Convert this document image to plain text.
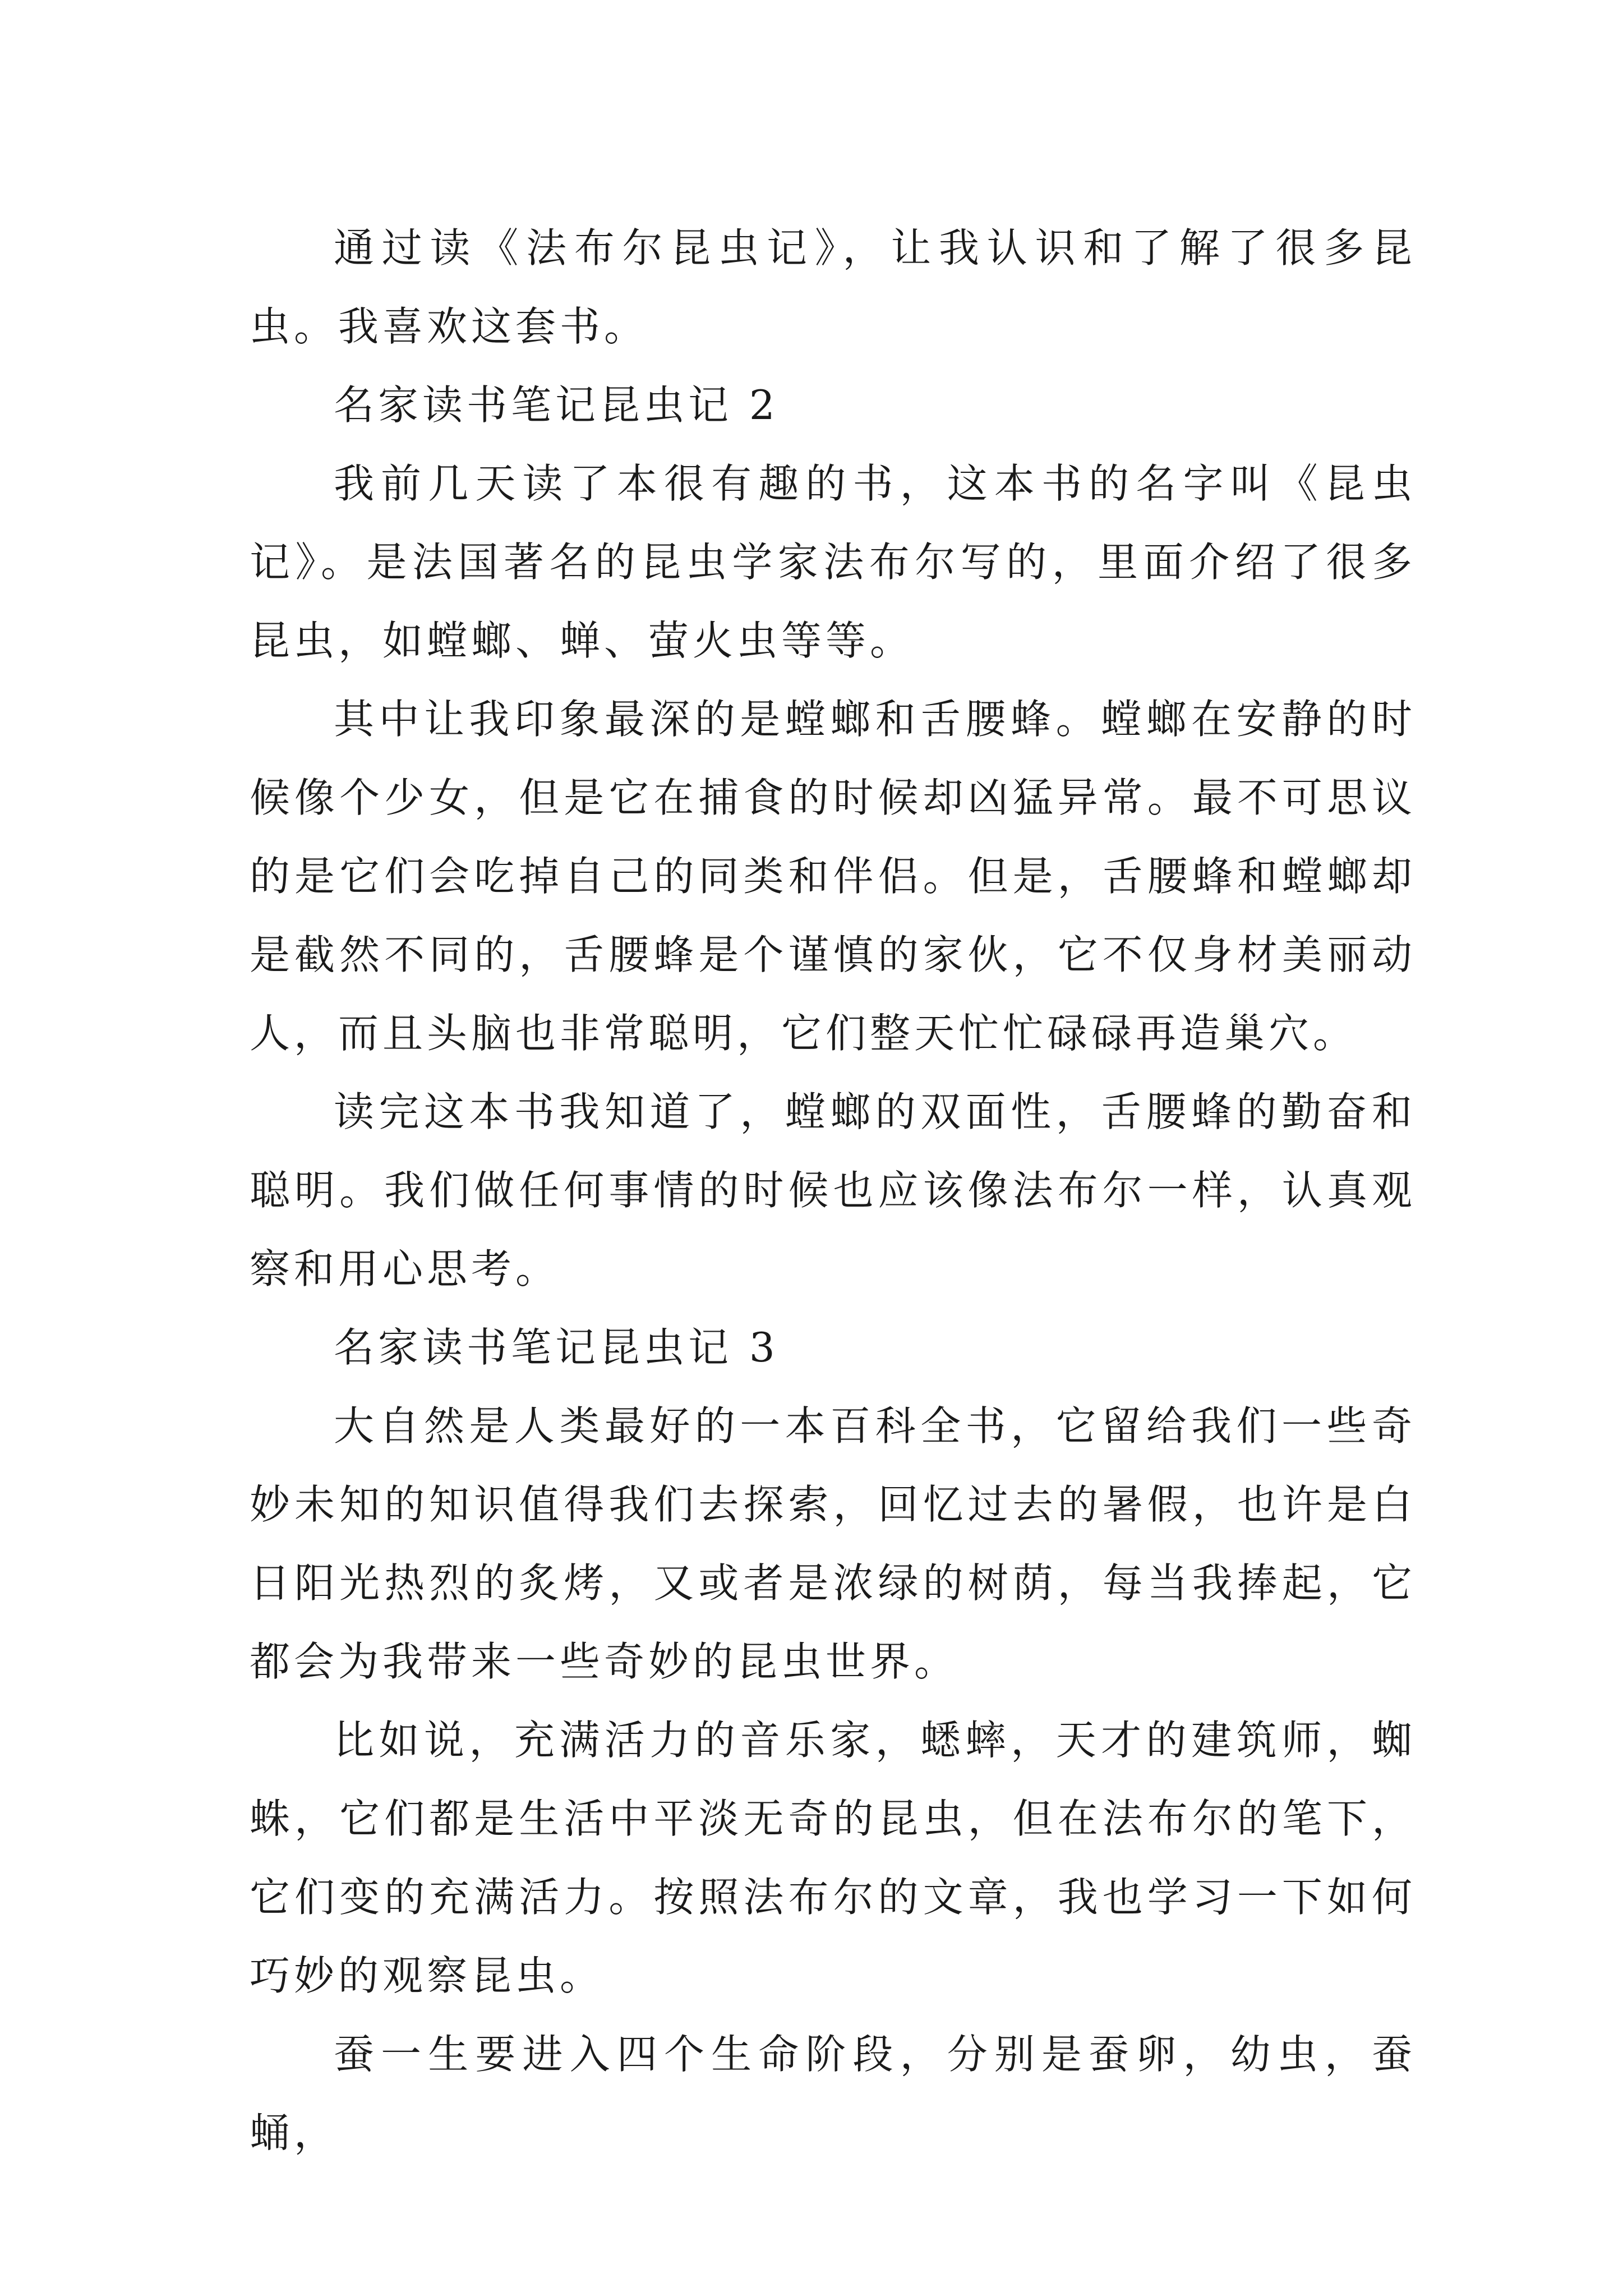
通过读《法布尔昆虫记》，让我认识和了解了很多昆虫。我喜欢这套书。

名家读书笔记昆虫记 2

我前几天读了本很有趣的书，这本书的名字叫《昆虫记》。是法国著名的昆虫学家法布尔写的，里面介绍了很多昆虫，如螳螂、蝉、萤火虫等等。

其中让我印象最深的是螳螂和舌腰蜂。螳螂在安静的时候像个少女，但是它在捕食的时候却凶猛异常。最不可思议的是它们会吃掉自己的同类和伴侣。但是，舌腰蜂和螳螂却是截然不同的，舌腰蜂是个谨慎的家伙，它不仅身材美丽动人，而且头脑也非常聪明，它们整天忙忙碌碌再造巢穴。

读完这本书我知道了，螳螂的双面性，舌腰蜂的勤奋和聪明。我们做任何事情的时候也应该像法布尔一样，认真观察和用心思考。

名家读书笔记昆虫记 3

大自然是人类最好的一本百科全书，它留给我们一些奇妙未知的知识值得我们去探索，回忆过去的暑假，也许是白日阳光热烈的炙烤，又或者是浓绿的树荫，每当我捧起，它都会为我带来一些奇妙的昆虫世界。

比如说，充满活力的音乐家，蟋蟀，天才的建筑师，蜘蛛，它们都是生活中平淡无奇的昆虫，但在法布尔的笔下，它们变的充满活力。按照法布尔的文章，我也学习一下如何巧妙的观察昆虫。

蚕一生要进入四个生命阶段，分别是蚕卵，幼虫，蚕蛹，
